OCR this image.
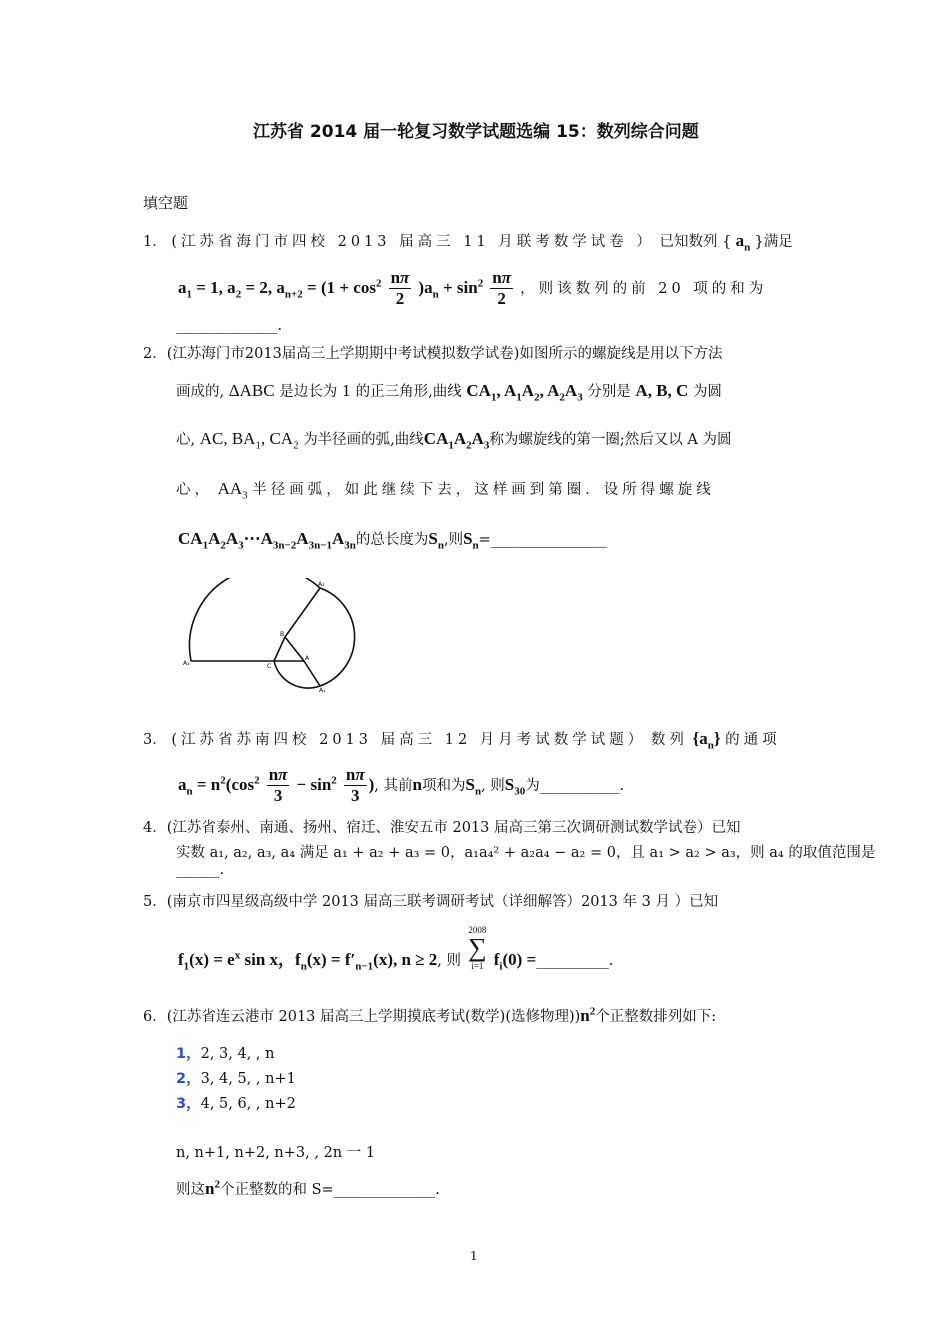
江苏省 2014 届一轮复习数学试题选编 15：数列综合问题
填空题
1． (江苏省海门市四校 2013 届高三 11 月联考数学试卷 ） 已知数列 { $a_n$ }满足
$a_1 = 1$, $a_2 = 2$, $a_{n+2} = (1 + \cos^2 \frac{n\pi}{2} )a_n + \sin^2 \frac{n\pi}{2}$ ，则该数列的前 20 项的和为
______________.
2．(江苏海门市2013届高三上学期期中考试模拟数学试卷)如图所示的螺旋线是用以下方法
画成的, ΔABC 是边长为 1 的正三角形,曲线 $CA_1$, $A_1A_2$, $A_2A_3$ 分别是 A, B, C 为圆
心, AC, $BA_1$, $CA_2$ 为半径画的弧,曲线$CA_1A_2A_3$称为螺旋线的第一圈;然后又以 A 为圆
心， $AA_3$ 半径画弧，如此继续下去，这样画到第圈．设所得螺旋线
$CA_1A_2A_3\cdots A_{3n-2}A_{3n-1}A_{3n}$的总长度为$S_n$,则$S_n=\_\_\_\_\_\_\_\_\_\_\_\_\_\_\_\_$
A₃
A₂
B
C
A
A₁
3． (江苏省苏南四校 2013 届高三 12 月月考试数学试题） 数列 $\{a_n\}$ 的通项
$a_n = n^2(\cos^2 \frac{n\pi}{3} - \sin^2 \frac{n\pi}{3}$ ), 其前n项和为$S_n$, 则$S_{30}$为___________.
4．(江苏省泰州、南通、扬州、宿迁、淮安五市 2013 届高三第三次调研测试数学试卷）已知
实数 a₁, a₂, a₃, a₄ 满足 a₁ + a₂ + a₃ = 0，a₁a₄² + a₂a₄ − a₂ = 0，且 a₁ > a₂ > a₃，则 a₄ 的取值范围是
______.
5．(南京市四星级高级中学 2013 届高三联考调研考试（详细解答）2013 年 3 月 ）已知
$f_1(x) = e^x$ sin x，$f_n(x) = f'_{n-1}(x)$, n ≥ 2, 则
2008
∑
i=1 $f_i(0)$ =__________.
6．(江苏省连云港市 2013 届高三上学期摸底考试(数学)(选修物理))$n^2$个正整数排列如下:
1，2, 3, 4, , n
2，3, 4, 5, , n+1
3，4, 5, 6, , n+2
n, n+1, n+2, n+3, , 2n 一 1
则这$n^2$个正整数的和 S=______________.
1
